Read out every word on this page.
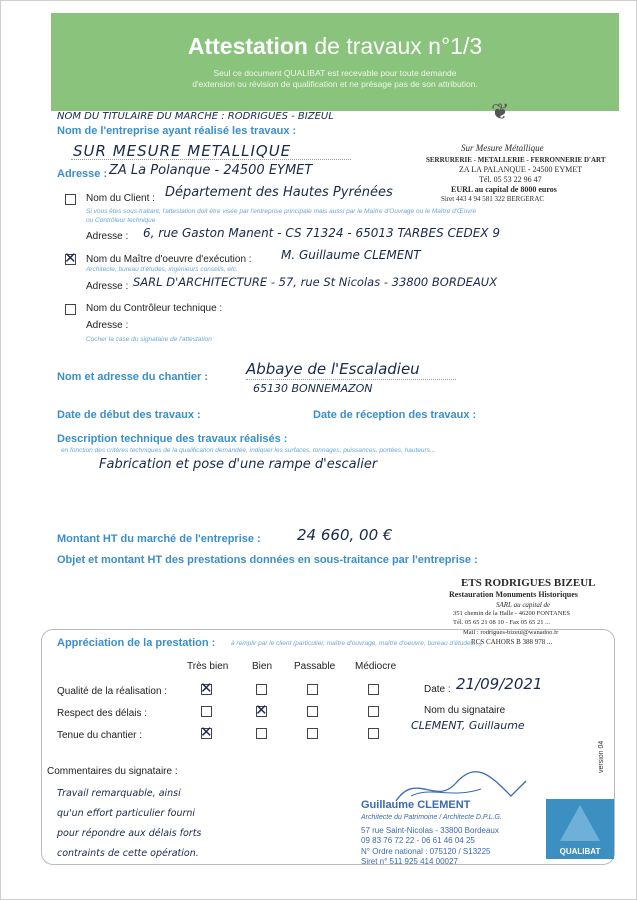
Attestation de travaux n°1/3
Seul ce document QUALIBAT est recevable pour toute demande
d'extension ou révision de qualification et ne présage pas de son attribution.
NOM DU TITULAIRE DU MARCHE : RODRIGUES - BIZEUL
Nom de l'entreprise ayant réalisé les travaux :
SUR MESURE METALLIQUE
Adresse : ZA La Polanque - 24500 EYMET
❦
Sur Mesure Métallique
SERRURERIE - METALLERIE - FERRONNERIE D'ART
ZA LA PALANQUE - 24500 EYMET
Tél. 05 53 22 96 47
EURL au capital de 8000 euros
Siret 443 4 94 581 322 BERGERAC
Nom du Client : Département des Hautes Pyrénées
Si vous êtes sous-traitant, l'attestation doit être visée par l'entreprise principale mais aussi par le Maître d'Ouvrage ou le Maître d'Œuvre
ou Contrôleur technique
Adresse : 6, rue Gaston Manent - CS 71324 - 65013 TARBES CEDEX 9
✕
Nom du Maître d'oeuvre d'exécution : M. Guillaume CLEMENT
Architecte, bureau d'études, ingénieurs conseils, etc.
Adresse : SARL D'ARCHITECTURE - 57, rue St Nicolas - 33800 BORDEAUX
Nom du Contrôleur technique :
Adresse :
Cocher la case du signataire de l'attestation
Nom et adresse du chantier :	Abbaye de l'Escaladieu
65130 BONNEMAZON
Date de début des travaux :	Date de réception des travaux :
Description technique des travaux réalisés :
en fonction des critères techniques de la qualification demandée, indiquer les surfaces, tonnages, puissances, portées, hauteurs...
Fabrication et pose d'une rampe d'escalier
Montant HT du marché de l'entreprise : 24 660, 00 €
Objet et montant HT des prestations données en sous-traitance par l'entreprise :
ETS RODRIGUES BIZEUL
Restauration Monuments Historiques
SARL au capital de
351 chemin de la Halle - 46200 FONTANES
Tél. 05 65 21 08 10 - Fax 05 65 21 ...
Mail : rodrigues-bizeul@wanadoo.fr
RCS CAHORS B 388 978 ...
Appréciation de la prestation : à remplir par le client (particulier, maître d'ouvrage, maître d'oeuvre, bureau d'études...)
Très bien Bien Passable Médiocre
Qualité de la réalisation :
✕
Respect des délais :
✕
Tenue du chantier :
✕
Date : 21/09/2021
Nom du signataire
CLEMENT, Guillaume
Commentaires du signataire :
Travail remarquable, ainsi
qu'un effort particulier fourni
pour répondre aux délais forts
contraints de cette opération.
Guillaume CLEMENT
Architecte du Patrimoine / Architecte D.P.L.G.
57 rue Saint-Nicolas - 33800 Bordeaux
09 83 76 72 22 - 06 61 46 04 25
N° Ordre national : 075120 / S13225
Siret n° 511 925 414 00027
QUALIBAT
version 04
